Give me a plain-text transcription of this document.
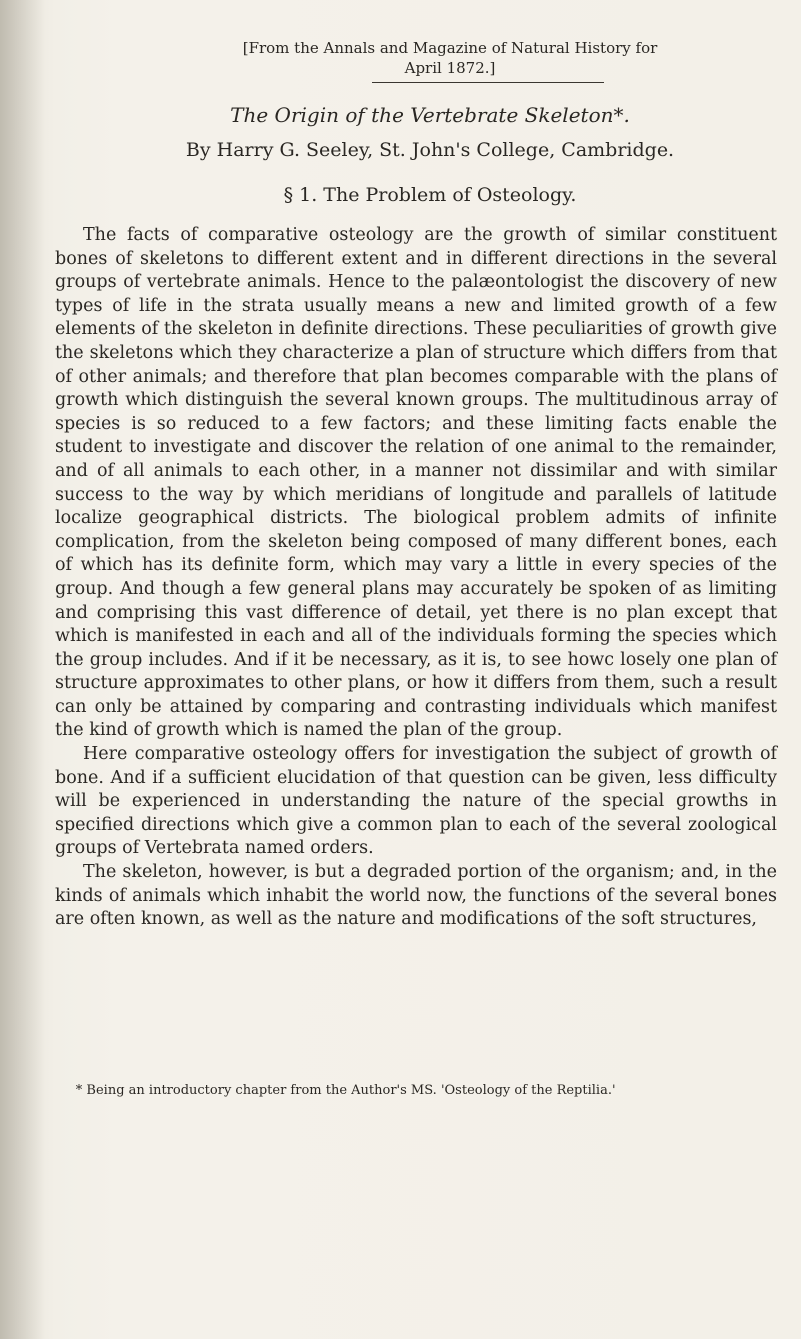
[From the Annals and Magazine of Natural History for
April 1872.]
The Origin of the Vertebrate Skeleton*.
By Harry G. Seeley, St. John's College, Cambridge.
§ 1. The Problem of Osteology.

The facts of comparative osteology are the growth of similar constituent bones of skeletons to different extent and in different directions in the several groups of vertebrate animals. Hence to the palæontologist the discovery of new types of life in the strata usually means a new and limited growth of a few elements of the skeleton in definite directions. These peculiarities of growth give the skeletons which they characterize a plan of structure which differs from that of other animals; and therefore that plan becomes comparable with the plans of growth which distinguish the several known groups. The multitudinous array of species is so reduced to a few factors; and these limiting facts enable the student to investigate and discover the relation of one animal to the remainder, and of all animals to each other, in a manner not dissimilar and with similar success to the way by which meridians of longitude and parallels of latitude localize geographical districts. The biological problem admits of infinite complication, from the skeleton being composed of many different bones, each of which has its definite form, which may vary a little in every species of the group. And though a few general plans may accurately be spoken of as limiting and comprising this vast difference of detail, yet there is no plan except that which is manifested in each and all of the individuals forming the species which the group includes. And if it be necessary, as it is, to see howc losely one plan of structure approximates to other plans, or how it differs from them, such a result can only be attained by comparing and contrasting individuals which manifest the kind of growth which is named the plan of the group.

Here comparative osteology offers for investigation the subject of growth of bone. And if a sufficient elucidation of that question can be given, less difficulty will be experienced in understanding the nature of the special growths in specified directions which give a common plan to each of the several zoological groups of Vertebrata named orders.

The skeleton, however, is but a degraded portion of the organism; and, in the kinds of animals which inhabit the world now, the functions of the several bones are often known, as well as the nature and modifications of the soft structures,

* Being an introductory chapter from the Author's MS. 'Osteology of the Reptilia.'
